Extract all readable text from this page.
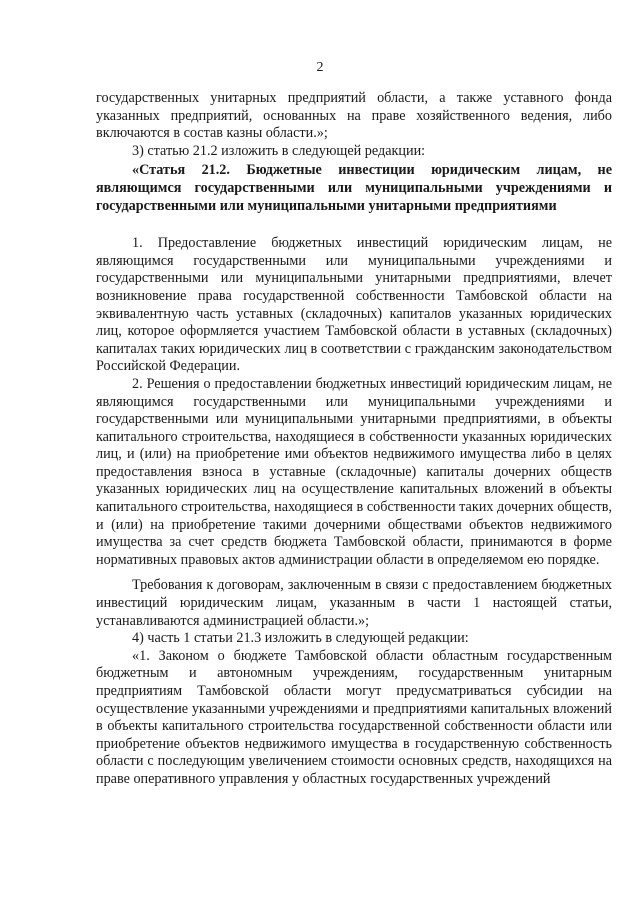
2

государственных унитарных предприятий области, а также уставного фонда указанных предприятий, основанных на праве хозяйственного ведения, либо включаются в состав казны области.»;

3) статью 21.2 изложить в следующей редакции:

«Статья 21.2. Бюджетные инвестиции юридическим лицам, не являющимся государственными или муниципальными учреждениями и государственными или муниципальными унитарными предприятиями

1. Предоставление бюджетных инвестиций юридическим лицам, не являющимся государственными или муниципальными учреждениями и государственными или муниципальными унитарными предприятиями, влечет возникновение права государственной собственности Тамбовской области на эквивалентную часть уставных (складочных) капиталов указанных юридических лиц, которое оформляется участием Тамбовской области в уставных (складочных) капиталах таких юридических лиц в соответствии с гражданским законодательством Российской Федерации.

2. Решения о предоставлении бюджетных инвестиций юридическим лицам, не являющимся государственными или муниципальными учреждениями и государственными или муниципальными унитарными предприятиями, в объекты капитального строительства, находящиеся в собственности указанных юридических лиц, и (или) на приобретение ими объектов недвижимого имущества либо в целях предоставления взноса в уставные (складочные) капиталы дочерних обществ указанных юридических лиц на осуществление капитальных вложений в объекты капитального строительства, находящиеся в собственности таких дочерних обществ, и (или) на приобретение такими дочерними обществами объектов недвижимого имущества за счет средств бюджета Тамбовской области, принимаются в форме нормативных правовых актов администрации области в определяемом ею порядке.

Требования к договорам, заключенным в связи с предоставлением бюджетных инвестиций юридическим лицам, указанным в части 1 настоящей статьи, устанавливаются администрацией области.»;

4) часть 1 статьи 21.3 изложить в следующей редакции:

«1. Законом о бюджете Тамбовской области областным государственным бюджетным и автономным учреждениям, государственным унитарным предприятиям Тамбовской области могут предусматриваться субсидии на осуществление указанными учреждениями и предприятиями капитальных вложений в объекты капитального строительства государственной собственности области или приобретение объектов недвижимого имущества в государственную собственность области с последующим увеличением стоимости основных средств, находящихся на праве оперативного управления у областных государственных учреждений
